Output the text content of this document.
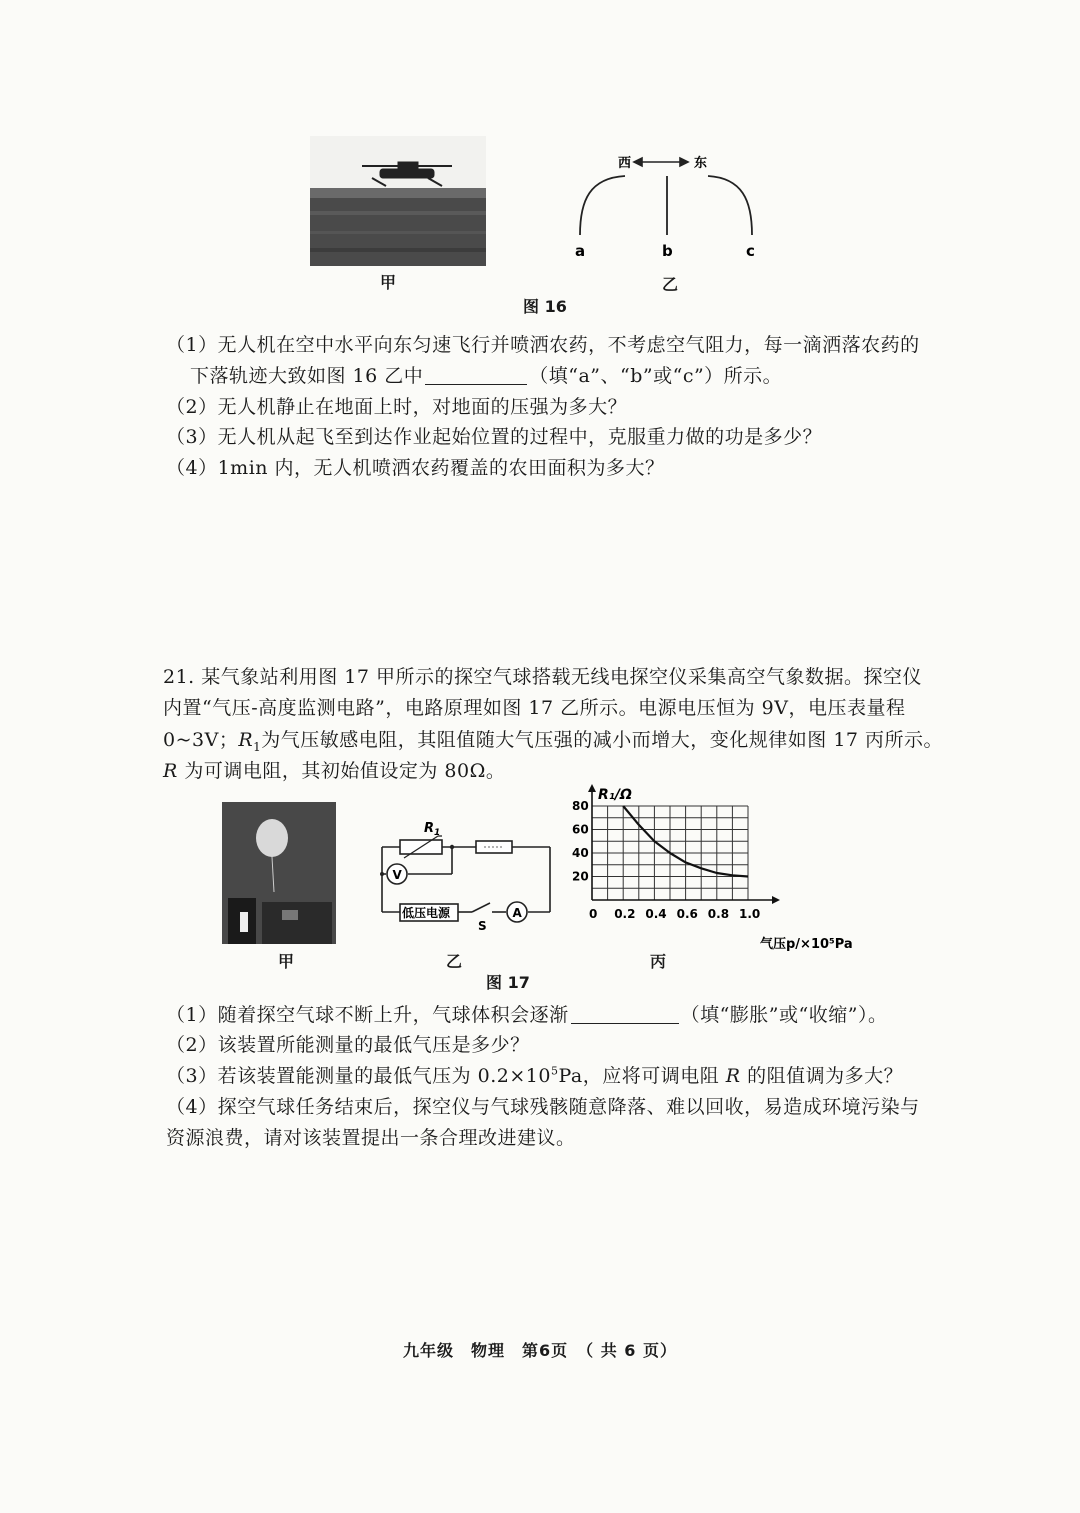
甲
西	东
a	b	c
乙
图 16
（1）无人机在空中水平向东匀速飞行并喷洒农药，不考虑空气阻力，每一滴洒落农药的
下落轨迹大致如图 16 乙中	（填“a”、“b”或“c”）所示。
（2）无人机静止在地面上时，对地面的压强为多大？
（3）无人机从起飞至到达作业起始位置的过程中，克服重力做的功是多少？
（4）1min 内，无人机喷洒农药覆盖的农田面积为多大？
21. 某气象站利用图 17 甲所示的探空气球搭载无线电探空仪采集高空气象数据。探空仪
内置“气压-高度监测电路”，电路原理如图 17 乙所示。电源电压恒为 9V，电压表量程
0~3V；$R_1$为气压敏感电阻，其阻值随大气压强的减小而增大，变化规律如图 17 丙所示。
R 为可调电阻，其初始值设定为 80Ω。
甲
$R_1$
V
低压电源
S
A
乙
0 0.2 0.4 0.6 0.8 1.0
20
40
60
80
R₁/Ω
气压p/×10⁵Pa
丙
图 17
（1）随着探空气球不断上升，气球体积会逐渐	（填“膨胀”或“收缩”）。
（2）该装置所能测量的最低气压是多少？
（3）若该装置能测量的最低气压为 $0.2\times 10^5Pa$，应将可调电阻 R 的阻值调为多大？
（4）探空气球任务结束后，探空仪与气球残骸随意降落、难以回收，易造成环境污染与
资源浪费，请对该装置提出一条合理改进建议。
九年级　物理　第6页　（ 共 6 页）
